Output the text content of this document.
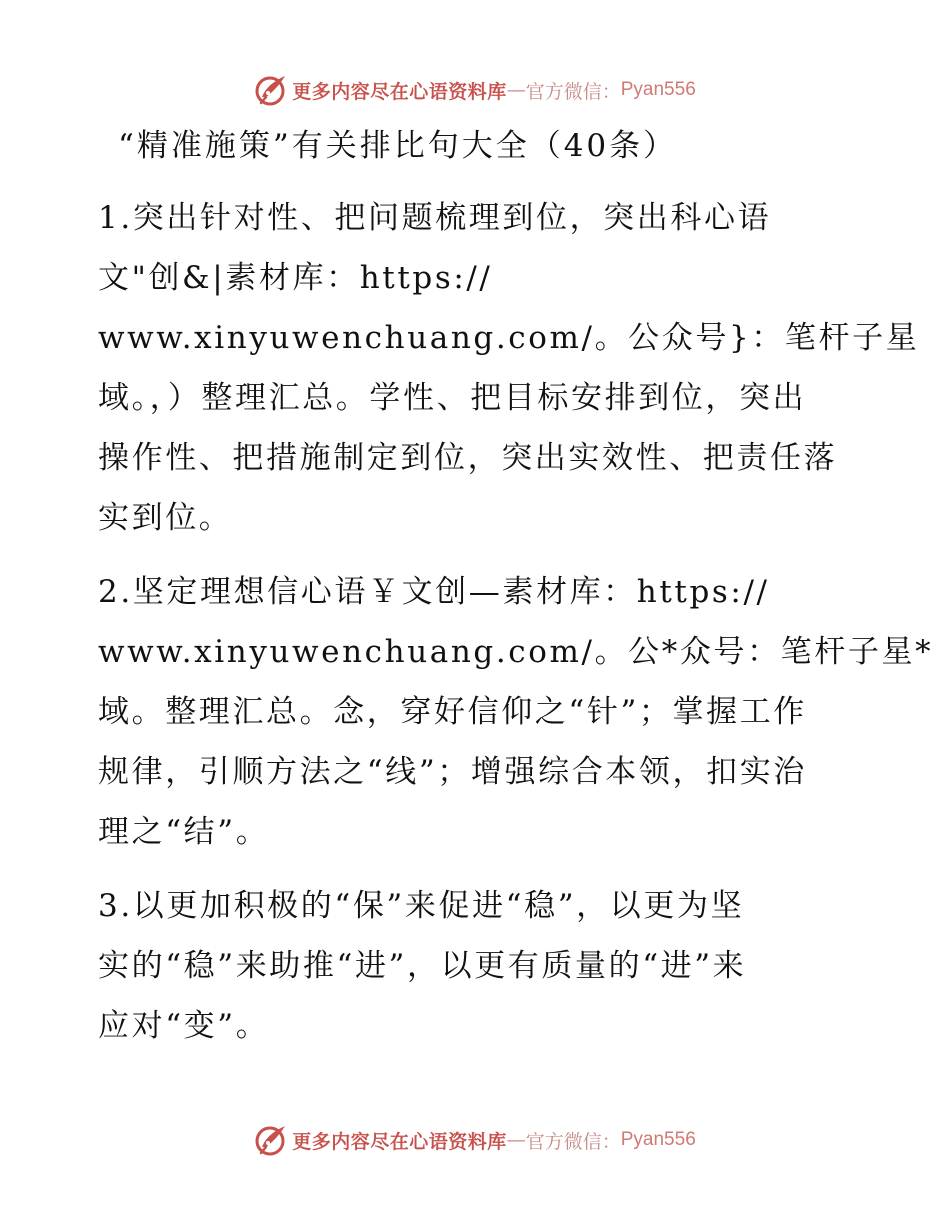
更多内容尽在心语资料库 — 官方微信： Pyan556
“精准施策”有关排比句大全（40条）
1.突出针对性、把问题梳理到位，突出科心语
文"创&|素材库：https://
www.xinyuwenchuang.com/。公众号}：笔杆子星
域。，）整理汇总。学性、把目标安排到位，突出
操作性、把措施制定到位，突出实效性、把责任落
实到位。
2.坚定理想信心语￥文创—素材库：https://
www.xinyuwenchuang.com/。公*众号：笔杆子星*
域。整理汇总。念，穿好信仰之“针”；掌握工作
规律，引顺方法之“线”；增强综合本领，扣实治
理之“结”。
3.以更加积极的“保”来促进“稳”，以更为坚
实的“稳”来助推“进”，以更有质量的“进”来
应对“变”。
更多内容尽在心语资料库 — 官方微信： Pyan556
